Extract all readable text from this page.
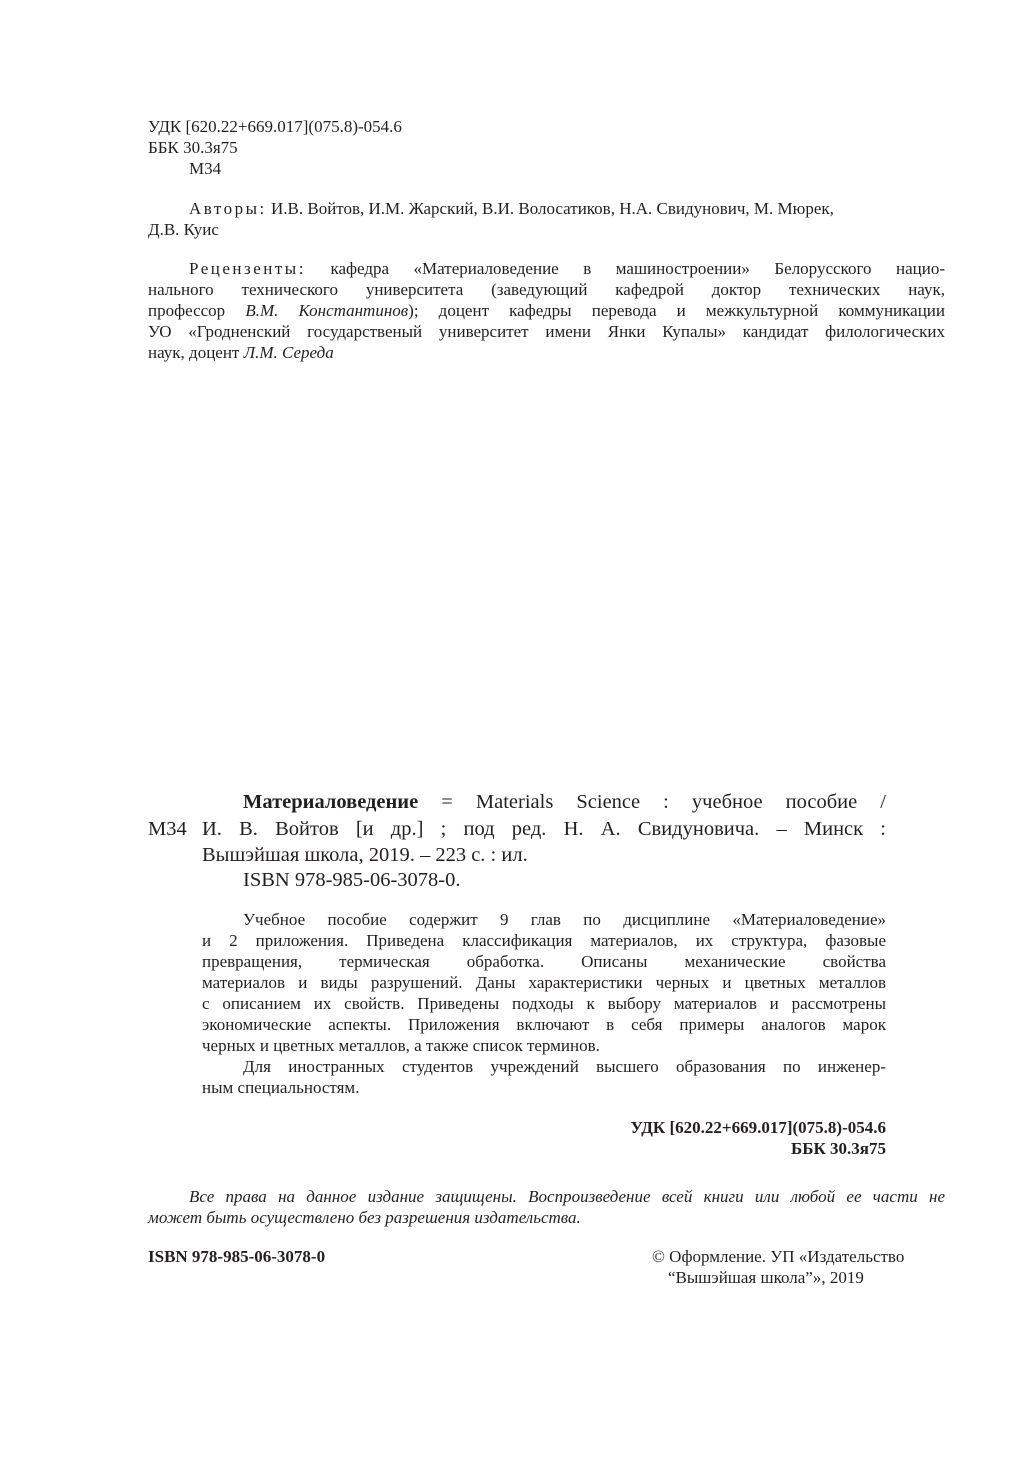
УДК [620.22+669.017](075.8)-054.6
ББК 30.3я75
М34
Авторы: И.В. Войтов, И.М. Жарский, В.И. Волосатиков, Н.А. Свидунович, М. Мюрек,
Д.В. Куис
Рецензенты: кафедра «Материаловедение в машиностроении» Белорусского нацио-
нального технического университета (заведующий кафедрой доктор технических наук,
профессор В.М. Константинов); доцент кафедры перевода и межкультурной коммуникации
УО «Гродненский государственый университет имени Янки Купалы» кандидат филологических
наук, доцент Л.М. Середа
Материаловедение = Materials Science : учебное пособие /
М34 И. В. Войтов [и др.] ; под ред. Н. А. Свидуновича. – Минск :
Вышэйшая школа, 2019. – 223 с. : ил.
ISBN 978-985-06-3078-0.
Учебное пособие содержит 9 глав по дисциплине «Материаловедение»
и 2 приложения. Приведена классификация материалов, их структура, фазовые
превращения, термическая обработка. Описаны механические свойства
материалов и виды разрушений. Даны характеристики черных и цветных металлов
с описанием их свойств. Приведены подходы к выбору материалов и рассмотрены
экономические аспекты. Приложения включают в себя примеры аналогов марок
черных и цветных металлов, а также список терминов.
Для иностранных студентов учреждений высшего образования по инженер-
ным специальностям.
УДК [620.22+669.017](075.8)-054.6
ББК 30.3я75
Все права на данное издание защищены. Воспроизведение всей книги или любой ее части не
может быть осуществлено без разрешения издательства.
ISBN 978-985-06-3078-0	© Оформление. УП «Издательство
“Вышэйшая школа”», 2019
